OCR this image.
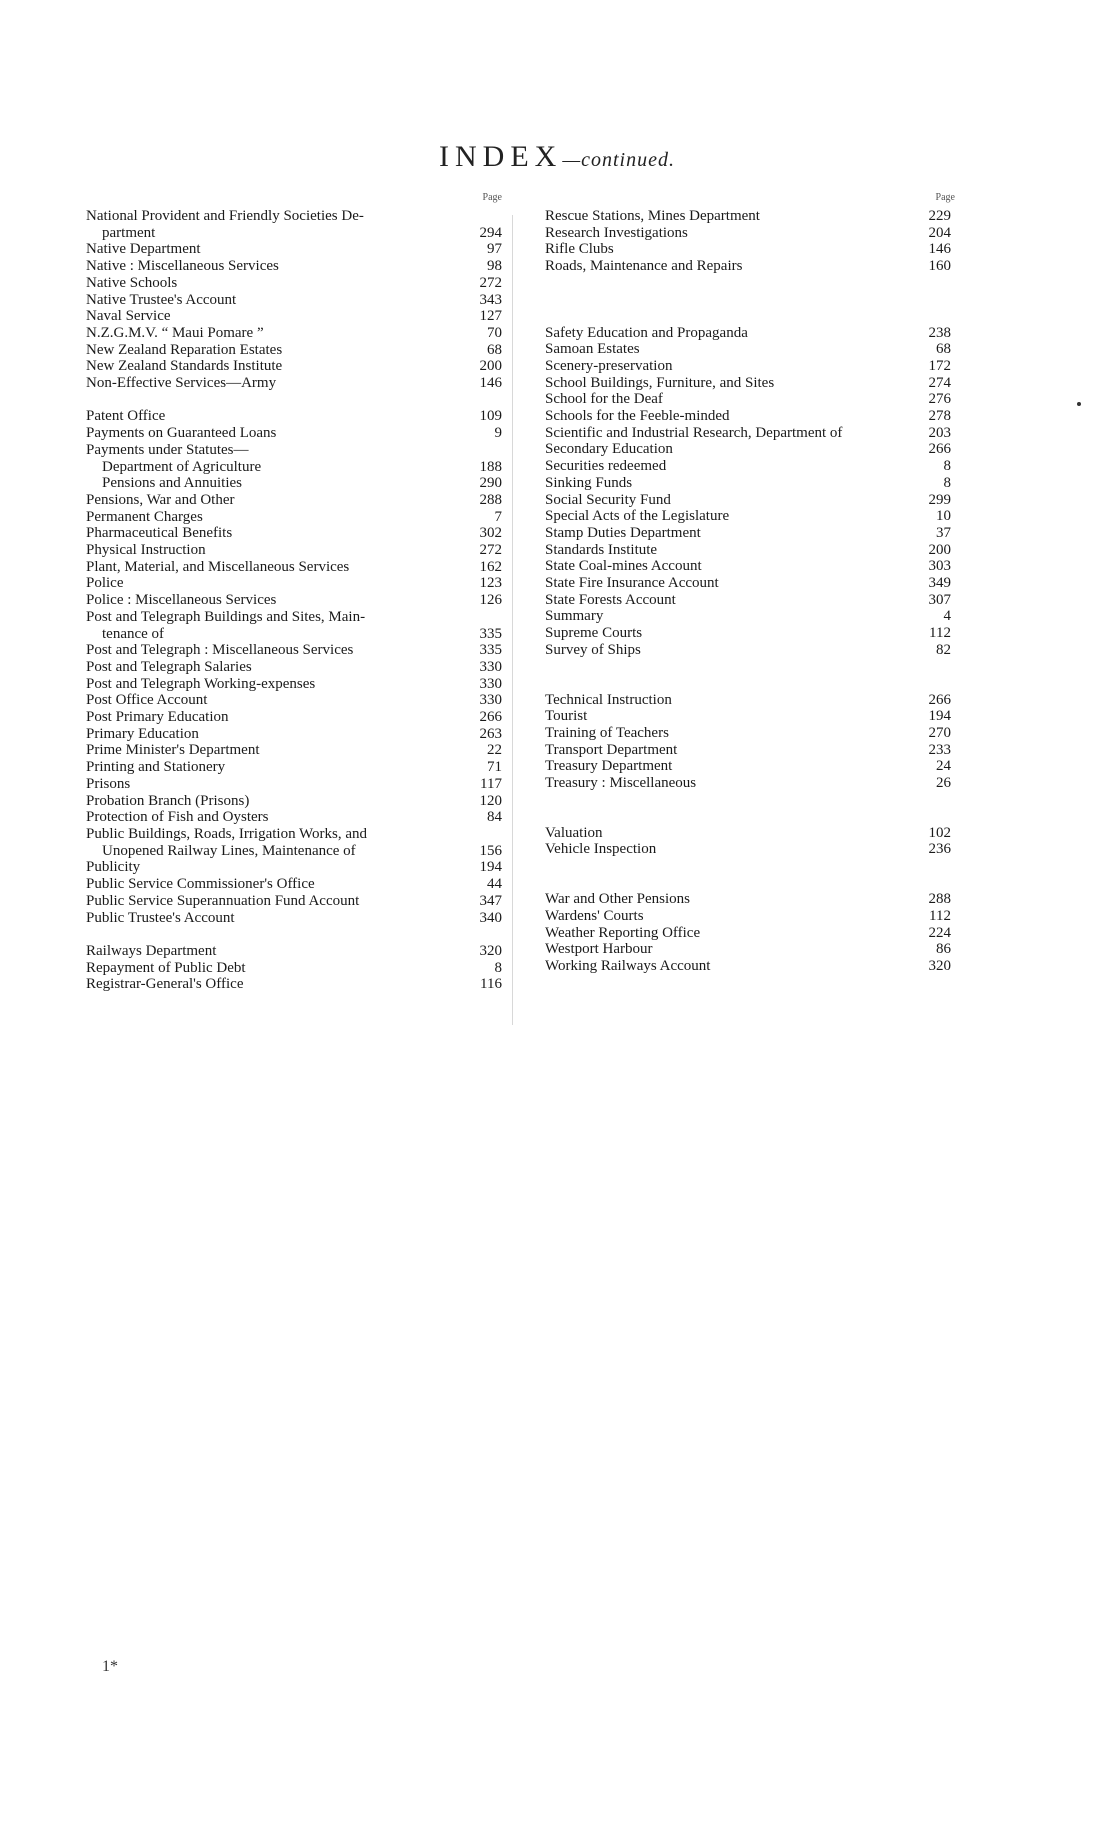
INDEX—continued.
Page
National Provident and Friendly Societies De-
partment	294
Native Department	97
Native : Miscellaneous Services	98
Native Schools	272
Native Trustee's Account	343
Naval Service	127
N.Z.G.M.V. “ Maui Pomare ”	70
New Zealand Reparation Estates	68
New Zealand Standards Institute	200
Non-Effective Services—Army	146
Patent Office	109
Payments on Guaranteed Loans	9
Payments under Statutes—
Department of Agriculture	188
Pensions and Annuities	290
Pensions, War and Other	288
Permanent Charges	7
Pharmaceutical Benefits	302
Physical Instruction	272
Plant, Material, and Miscellaneous Services	162
Police	123
Police : Miscellaneous Services	126
Post and Telegraph Buildings and Sites, Main-
tenance of	335
Post and Telegraph : Miscellaneous Services	335
Post and Telegraph Salaries	330
Post and Telegraph Working-expenses	330
Post Office Account	330
Post Primary Education	266
Primary Education	263
Prime Minister's Department	22
Printing and Stationery	71
Prisons	117
Probation Branch (Prisons)	120
Protection of Fish and Oysters	84
Public Buildings, Roads, Irrigation Works, and
Unopened Railway Lines, Maintenance of	156
Publicity	194
Public Service Commissioner's Office	44
Public Service Superannuation Fund Account	347
Public Trustee's Account	340
Railways Department	320
Repayment of Public Debt	8
Registrar-General's Office	116
Page
Rescue Stations, Mines Department	229
Research Investigations	204
Rifle Clubs	146
Roads, Maintenance and Repairs	160
Safety Education and Propaganda	238
Samoan Estates	68
Scenery-preservation	172
School Buildings, Furniture, and Sites	274
School for the Deaf	276
Schools for the Feeble-minded	278
Scientific and Industrial Research, Department of	203
Secondary Education	266
Securities redeemed	8
Sinking Funds	8
Social Security Fund	299
Special Acts of the Legislature	10
Stamp Duties Department	37
Standards Institute	200
State Coal-mines Account	303
State Fire Insurance Account	349
State Forests Account	307
Summary	4
Supreme Courts	112
Survey of Ships	82
Technical Instruction	266
Tourist	194
Training of Teachers	270
Transport Department	233
Treasury Department	24
Treasury : Miscellaneous	26
Valuation	102
Vehicle Inspection	236
War and Other Pensions	288
Wardens' Courts	112
Weather Reporting Office	224
Westport Harbour	86
Working Railways Account	320
1*
